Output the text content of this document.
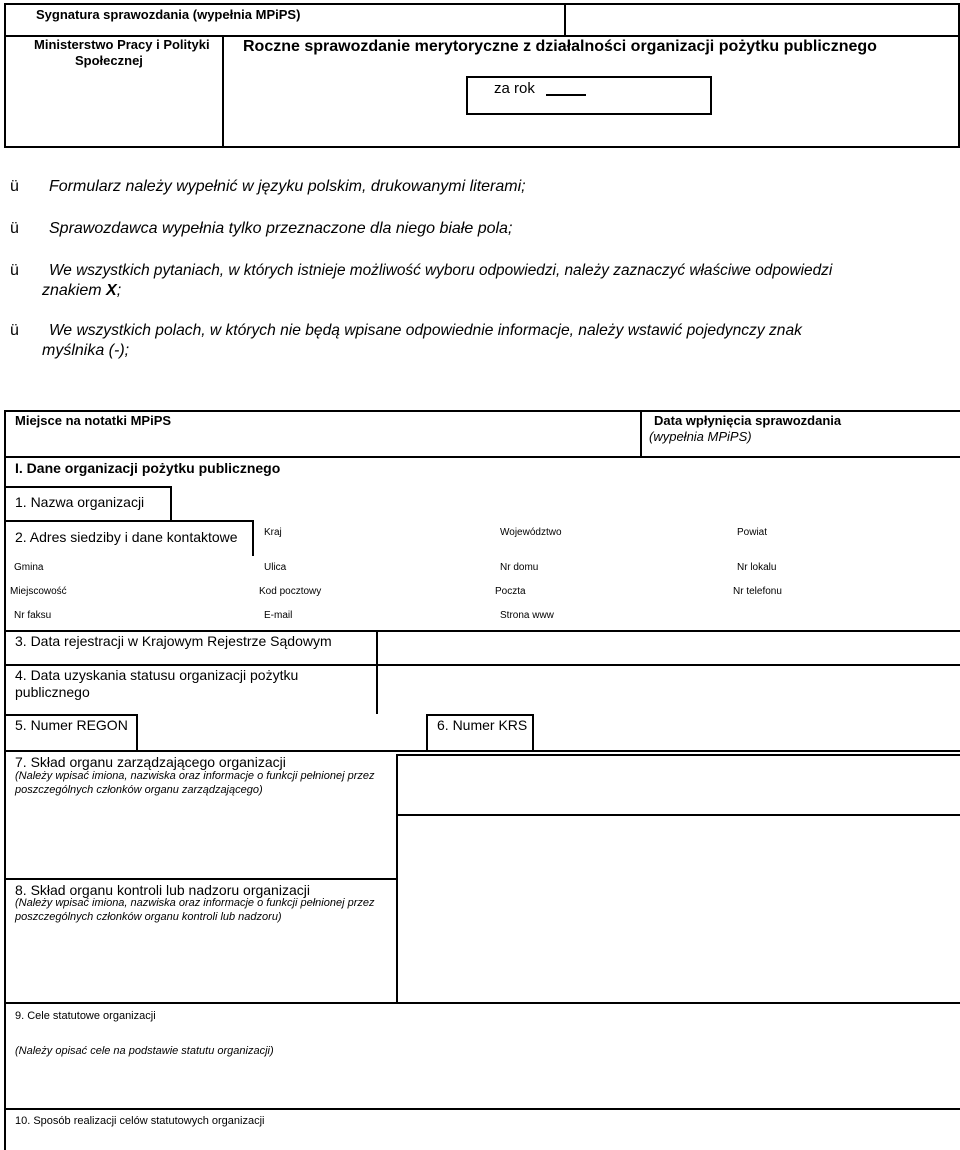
Sygnatura sprawozdania (wypełnia MPiPS)
Ministerstwo Pracy i Polityki
Społecznej
Roczne sprawozdanie merytoryczne z działalności organizacji pożytku publicznego
za rok
ü Formularz należy wypełnić w języku polskim, drukowanymi literami;
ü Sprawozdawca wypełnia tylko przeznaczone dla niego białe pola;
ü We wszystkich pytaniach, w których istnieje możliwość wyboru odpowiedzi, należy zaznaczyć właściwe odpowiedzi
znakiem X;
ü We wszystkich polach, w których nie będą wpisane odpowiednie informacje, należy wstawić pojedynczy znak
myślnika (-);
Miejsce na notatki MPiPS	Data wpłynięcia sprawozdania
(wypełnia MPiPS)
I. Dane organizacji pożytku publicznego
1. Nazwa organizacji
2. Adres siedziby i dane kontaktowe	Kraj	Województwo	Powiat
Gmina	Ulica	Nr domu	Nr lokalu
Miejscowość	Kod pocztowy	Poczta	Nr telefonu
Nr faksu	E-mail	Strona www
3. Data rejestracji w Krajowym Rejestrze Sądowym
4. Data uzyskania statusu organizacji pożytku
publicznego
5. Numer REGON	6. Numer KRS
7. Skład organu zarządzającego organizacji
(Należy wpisać imiona, nazwiska oraz informacje o funkcji pełnionej przez
poszczególnych członków organu zarządzającego)
8. Skład organu kontroli lub nadzoru organizacji
(Należy wpisać imiona, nazwiska oraz informacje o funkcji pełnionej przez
poszczególnych członków organu kontroli lub nadzoru)
9. Cele statutowe organizacji
(Należy opisać cele na podstawie statutu organizacji)
10. Sposób realizacji celów statutowych organizacji
